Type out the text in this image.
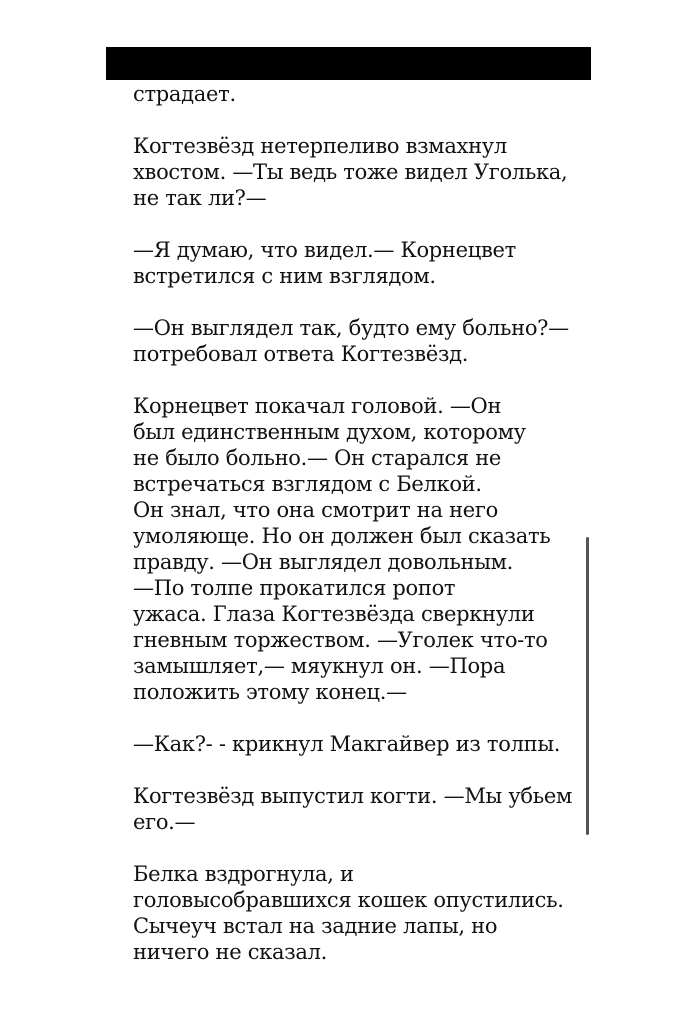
страдает.
Когтезвёзд нетерпеливо взмахнул
хвостом. —Ты ведь тоже видел Уголька,
не так ли?—
—Я думаю, что видел.— Корнецвет
встретился с ним взглядом.
—Он выглядел так, будто ему больно?—
потребовал ответа Когтезвёзд.
Корнецвет покачал головой. —Он
был единственным духом, которому
не было больно.— Он старался не
встречаться взглядом с Белкой.
Он знал, что она смотрит на него
умоляюще. Но он должен был сказать
правду. —Он выглядел довольным.
—По толпе прокатился ропот
ужаса. Глаза Когтезвёзда сверкнули
гневным торжеством. —Уголек что-то
замышляет,— мяукнул он. —Пора
положить этому конец.—
—Как?- - крикнул Макгайвер из толпы.
Когтезвёзд выпустил когти. —Мы убьем
его.—
Белка вздрогнула, и
головысобравшихся кошек опустились.
Сычеуч встал на задние лапы, но
ничего не сказал.
